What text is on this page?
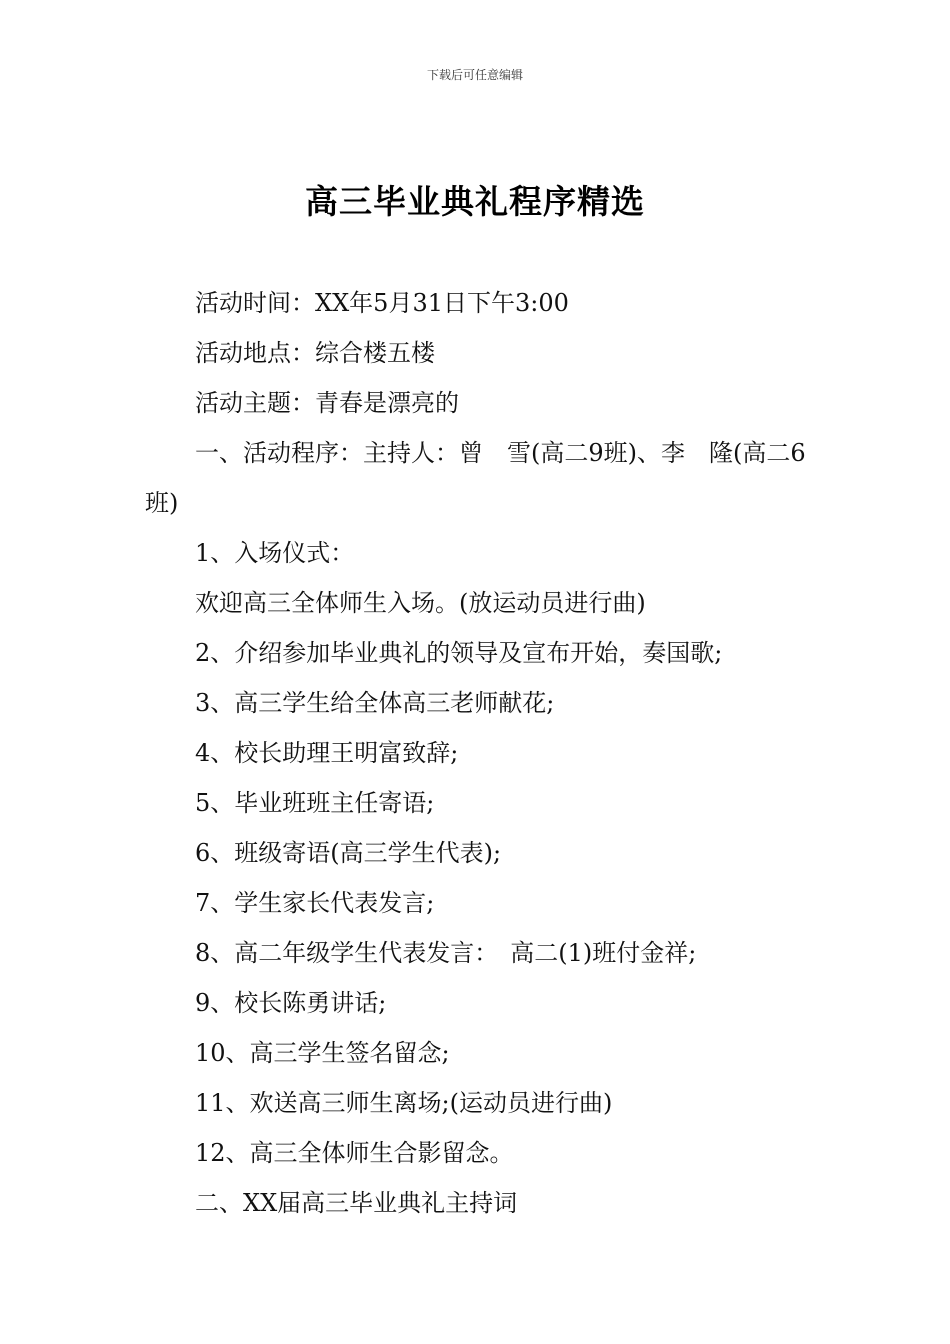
下载后可任意编辑
高三毕业典礼程序精选
活动时间：XX年5月31日下午3:00
活动地点：综合楼五楼
活动主题：青春是漂亮的
一、活动程序：主持人：曾　雪(高二9班)、李　隆(高二6班)
1、入场仪式：
欢迎高三全体师生入场。(放运动员进行曲)
2、介绍参加毕业典礼的领导及宣布开始，奏国歌;
3、高三学生给全体高三老师献花;
4、校长助理王明富致辞;
5、毕业班班主任寄语;
6、班级寄语(高三学生代表);
7、学生家长代表发言;
8、高二年级学生代表发言：　高二(1)班付金祥;
9、校长陈勇讲话;
10、高三学生签名留念;
11、欢送高三师生离场;(运动员进行曲)
12、高三全体师生合影留念。
二、XX届高三毕业典礼主持词
